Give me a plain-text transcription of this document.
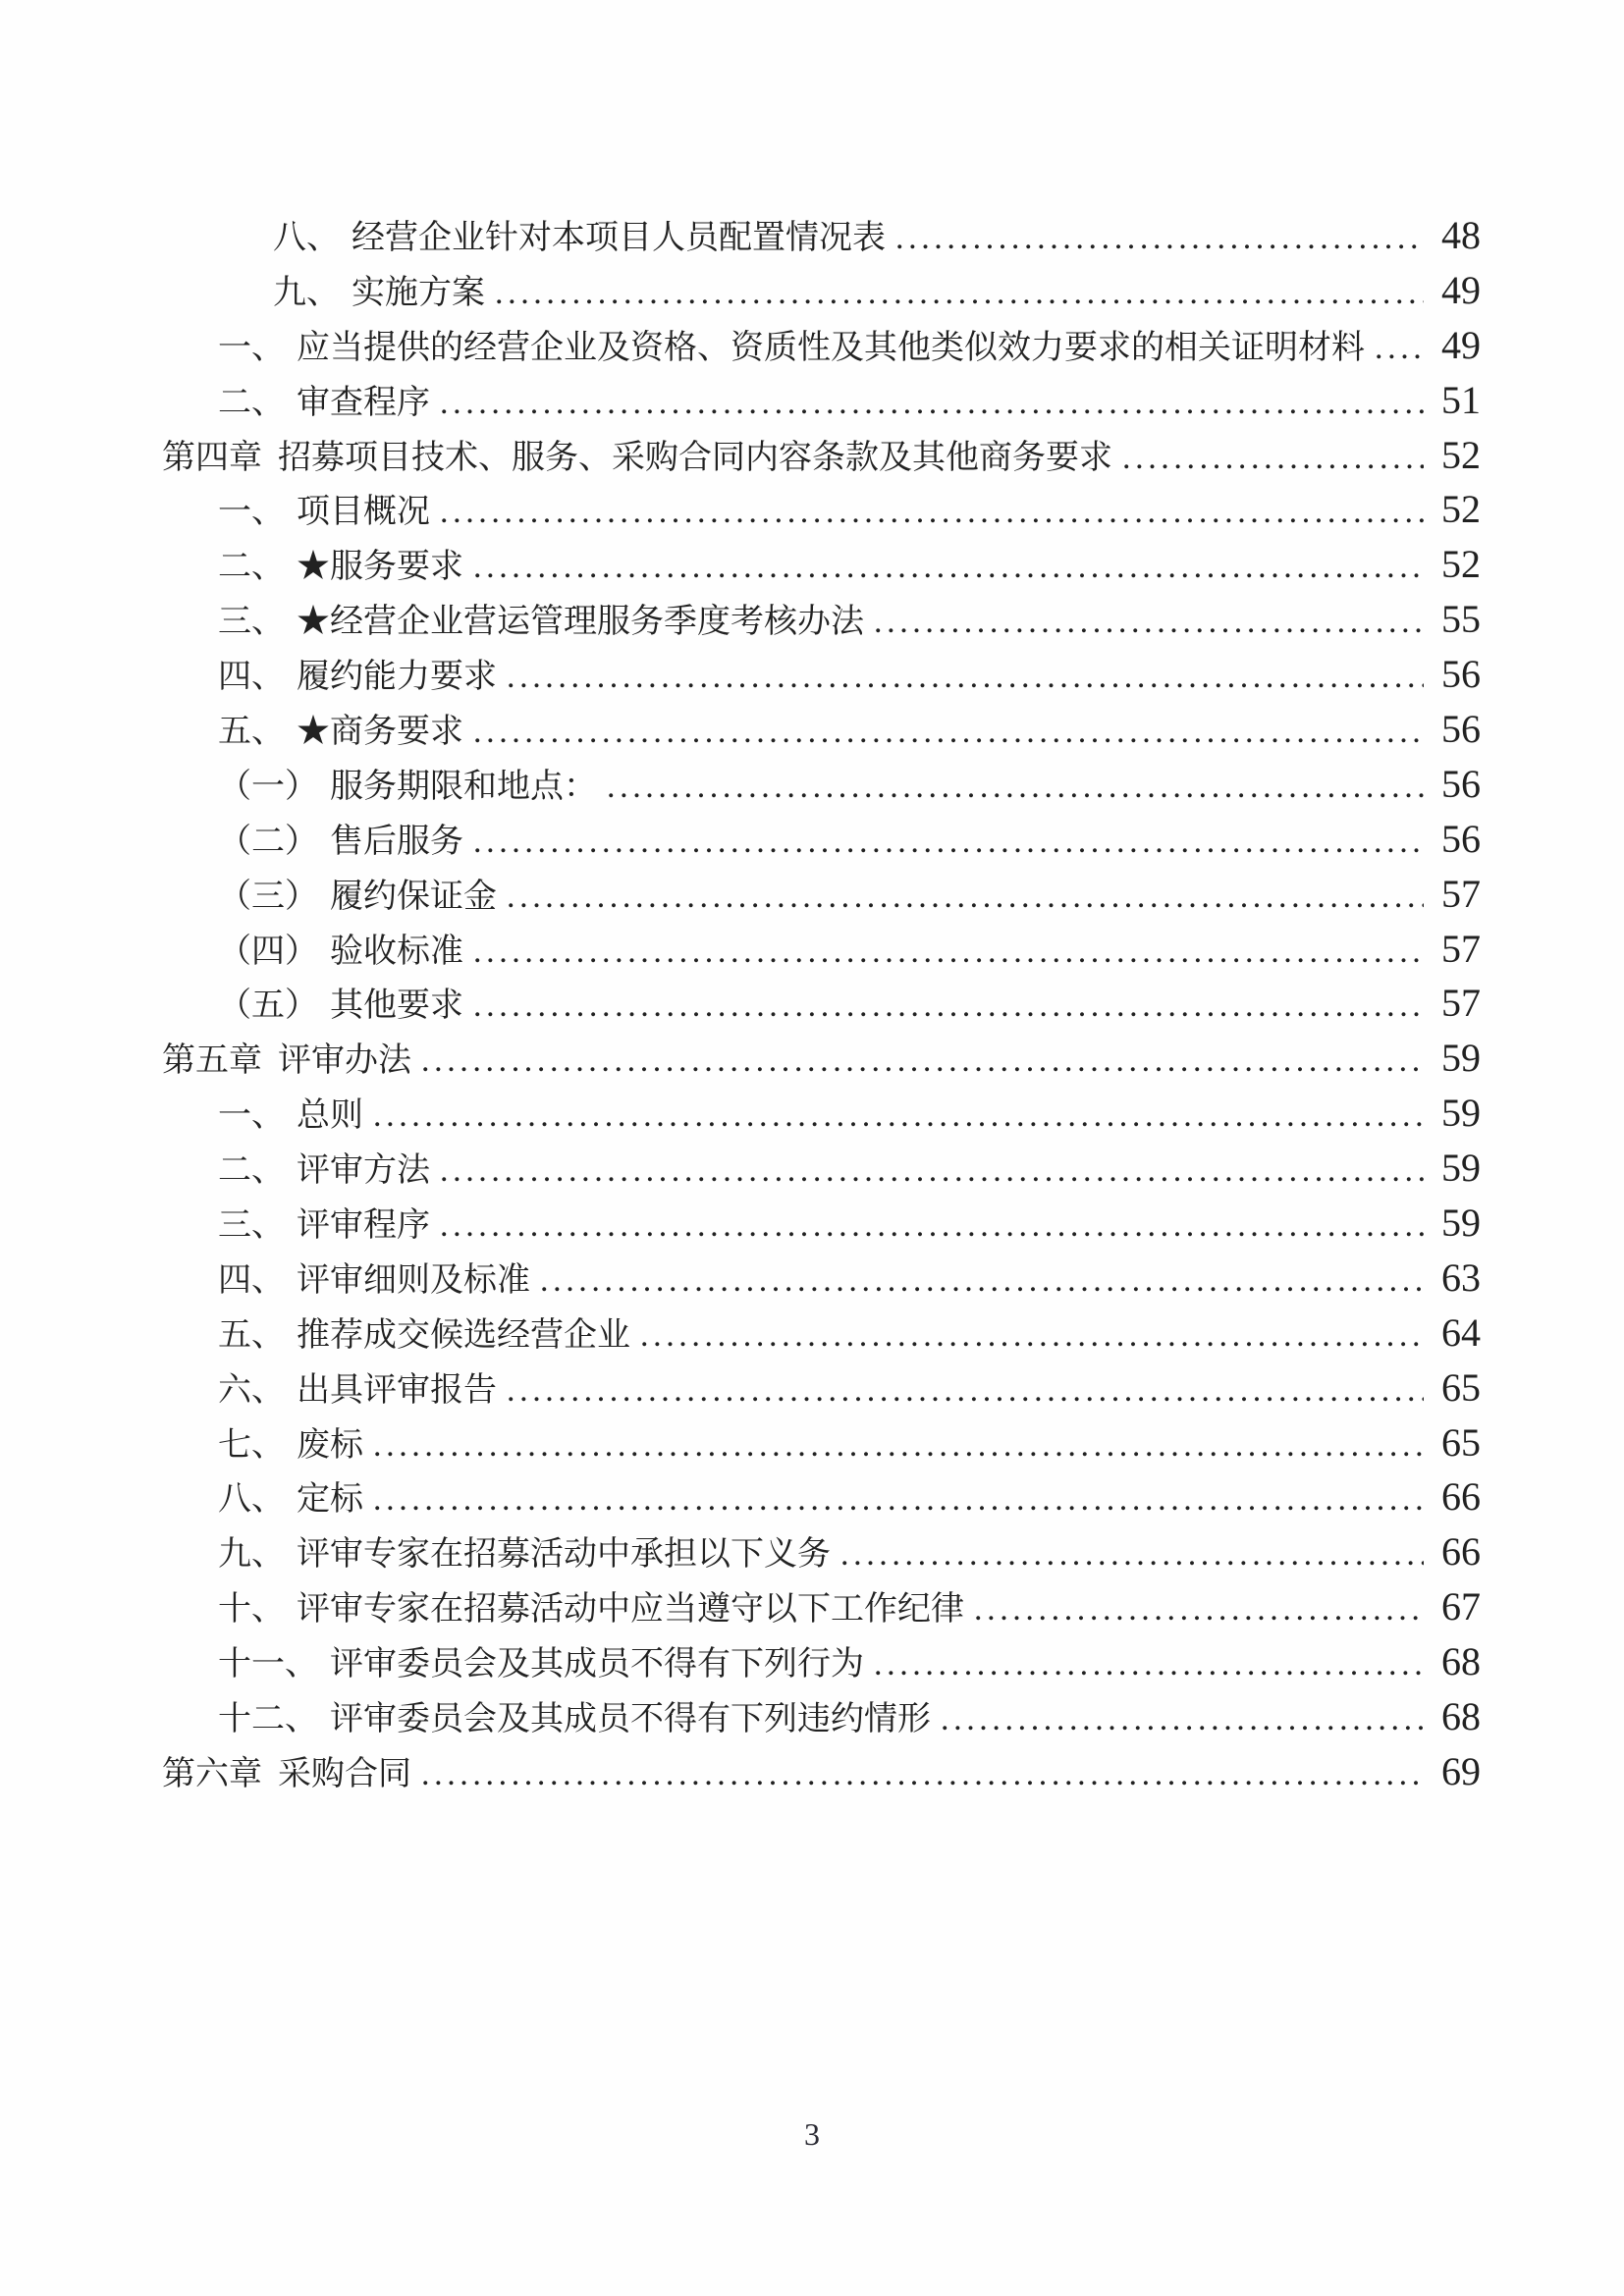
八、 经营企业针对本项目人员配置情况表 .....	48
九、 实施方案 .....	49
一、 应当提供的经营企业及资格、资质性及其他类似效力要求的相关证明材料 ..... 49
二、 审查程序 .....	51
第四章 招募项目技术、服务、采购合同内容条款及其他商务要求 .....	52
一、 项目概况 .....	52
二、 ★服务要求 .....	52
三、 ★经营企业营运管理服务季度考核办法 .....	55
四、 履约能力要求 .....	56
五、 ★商务要求 .....	56
（一） 服务期限和地点： .....	56
（二） 售后服务 .....	56
（三） 履约保证金 .....	57
（四） 验收标准 .....	57
（五） 其他要求 .....	57
第五章 评审办法 .....	59
一、 总则 .....	59
二、 评审方法 .....	59
三、 评审程序 .....	59
四、 评审细则及标准 .....	63
五、 推荐成交候选经营企业 .....	64
六、 出具评审报告 .....	65
七、 废标 .....	65
八、 定标 .....	66
九、 评审专家在招募活动中承担以下义务 .....	66
十、 评审专家在招募活动中应当遵守以下工作纪律 .....	67
十一、 评审委员会及其成员不得有下列行为 .....	68
十二、 评审委员会及其成员不得有下列违约情形 .....	68
第六章 采购合同 .....	69
3
